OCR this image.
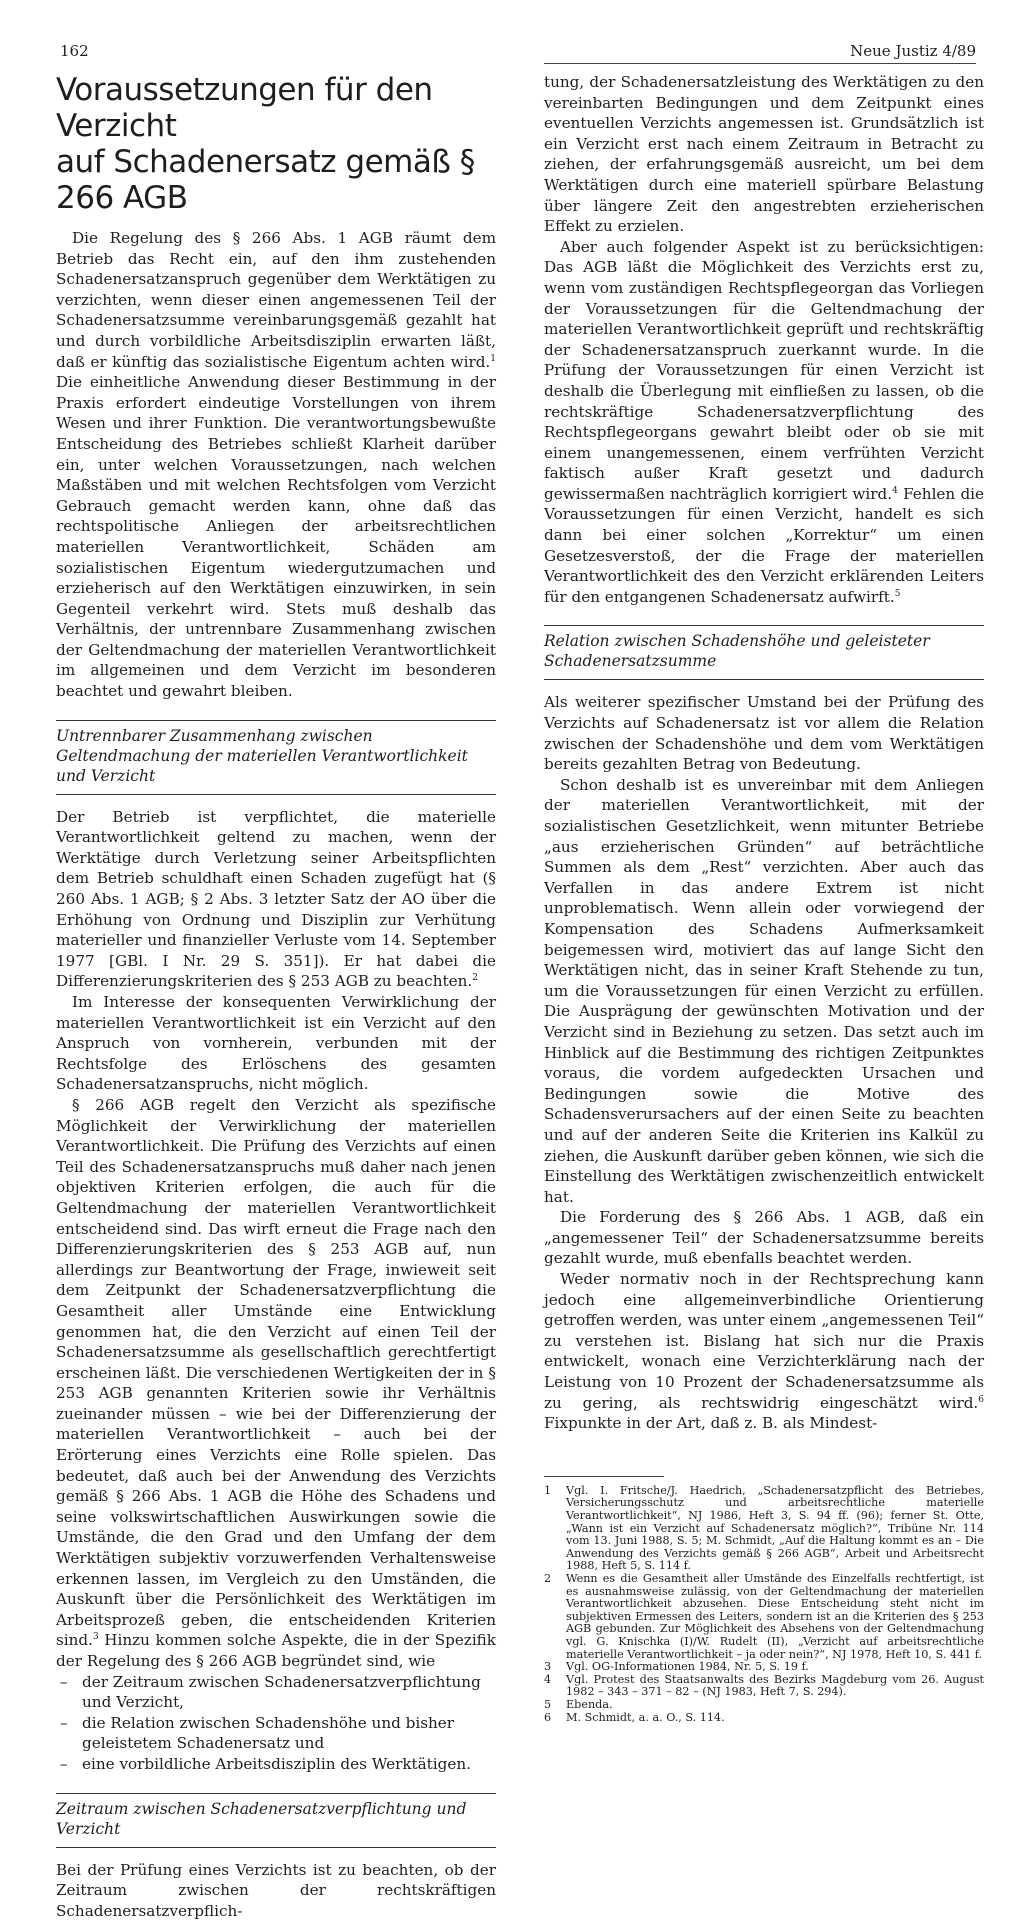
162	Neue Justiz 4/89
Voraussetzungen für den Verzicht
auf Schadenersatz gemäß § 266 AGB

Die Regelung des § 266 Abs. 1 AGB räumt dem Betrieb das Recht ein, auf den ihm zustehenden Schadenersatzanspruch gegenüber dem Werktätigen zu verzichten, wenn dieser einen angemessenen Teil der Schadenersatzsumme vereinbarungsgemäß gezahlt hat und durch vorbildliche Arbeitsdisziplin erwarten läßt, daß er künftig das sozialistische Eigentum achten wird.$^1$ Die einheitliche Anwendung dieser Bestimmung in der Praxis erfordert eindeutige Vorstellungen von ihrem Wesen und ihrer Funktion. Die verantwortungsbewußte Entscheidung des Betriebes schließt Klarheit darüber ein, unter welchen Voraussetzungen, nach welchen Maßstäben und mit welchen Rechtsfolgen vom Verzicht Gebrauch gemacht werden kann, ohne daß das rechtspolitische Anliegen der arbeitsrechtlichen materiellen Verantwortlichkeit, Schäden am sozialistischen Eigentum wiedergutzumachen und erzieherisch auf den Werktätigen einzuwirken, in sein Gegenteil verkehrt wird. Stets muß deshalb das Verhältnis, der untrennbare Zusammenhang zwischen der Geltendmachung der materiellen Verantwortlichkeit im allgemeinen und dem Verzicht im besonderen beachtet und gewahrt bleiben.

Untrennbarer Zusammenhang zwischen Geltendmachung der materiellen Verantwortlichkeit und Verzicht

Der Betrieb ist verpflichtet, die materielle Verantwortlichkeit geltend zu machen, wenn der Werktätige durch Verletzung seiner Arbeitspflichten dem Betrieb schuldhaft einen Schaden zugefügt hat (§ 260 Abs. 1 AGB; § 2 Abs. 3 letzter Satz der AO über die Erhöhung von Ordnung und Disziplin zur Verhütung materieller und finanzieller Verluste vom 14. September 1977 [GBl. I Nr. 29 S. 351]). Er hat dabei die Differenzierungskriterien des § 253 AGB zu beachten.$^2$

Im Interesse der konsequenten Verwirklichung der materiellen Verantwortlichkeit ist ein Verzicht auf den Anspruch von vornherein, verbunden mit der Rechtsfolge des Erlöschens des gesamten Schadenersatzanspruchs, nicht möglich.

§ 266 AGB regelt den Verzicht als spezifische Möglichkeit der Verwirklichung der materiellen Verantwortlichkeit. Die Prüfung des Verzichts auf einen Teil des Schadenersatzanspruchs muß daher nach jenen objektiven Kriterien erfolgen, die auch für die Geltendmachung der materiellen Verantwortlichkeit entscheidend sind. Das wirft erneut die Frage nach den Differenzierungskriterien des § 253 AGB auf, nun allerdings zur Beantwortung der Frage, inwieweit seit dem Zeitpunkt der Schadenersatzverpflichtung die Gesamtheit aller Umstände eine Entwicklung genommen hat, die den Verzicht auf einen Teil der Schadenersatzsumme als gesellschaftlich gerechtfertigt erscheinen läßt. Die verschiedenen Wertigkeiten der in § 253 AGB genannten Kriterien sowie ihr Verhältnis zueinander müssen – wie bei der Differenzierung der materiellen Verantwortlichkeit – auch bei der Erörterung eines Verzichts eine Rolle spielen. Das bedeutet, daß auch bei der Anwendung des Verzichts gemäß § 266 Abs. 1 AGB die Höhe des Schadens und seine volkswirtschaftlichen Auswirkungen sowie die Umstände, die den Grad und den Umfang der dem Werktätigen subjektiv vorzuwerfenden Verhaltensweise erkennen lassen, im Vergleich zu den Umständen, die Auskunft über die Persönlichkeit des Werktätigen im Arbeitsprozeß geben, die entscheidenden Kriterien sind.$^3$ Hinzu kommen solche Aspekte, die in der Spezifik der Regelung des § 266 AGB begründet sind, wie

– der Zeitraum zwischen Schadenersatzverpflichtung und Verzicht,
– die Relation zwischen Schadenshöhe und bisher geleistetem Schadenersatz und
– eine vorbildliche Arbeitsdisziplin des Werktätigen.
Zeitraum zwischen Schadenersatzverpflichtung und Verzicht

Bei der Prüfung eines Verzichts ist zu beachten, ob der Zeitraum zwischen der rechtskräftigen Schadenersatzverpflich-

tung, der Schadenersatzleistung des Werktätigen zu den vereinbarten Bedingungen und dem Zeitpunkt eines eventuellen Verzichts angemessen ist. Grundsätzlich ist ein Verzicht erst nach einem Zeitraum in Betracht zu ziehen, der erfahrungsgemäß ausreicht, um bei dem Werktätigen durch eine materiell spürbare Belastung über längere Zeit den angestrebten erzieherischen Effekt zu erzielen.

Aber auch folgender Aspekt ist zu berücksichtigen: Das AGB läßt die Möglichkeit des Verzichts erst zu, wenn vom zuständigen Rechtspflegeorgan das Vorliegen der Voraussetzungen für die Geltendmachung der materiellen Verantwortlichkeit geprüft und rechtskräftig der Schadenersatzanspruch zuerkannt wurde. In die Prüfung der Voraussetzungen für einen Verzicht ist deshalb die Überlegung mit einfließen zu lassen, ob die rechtskräftige Schadenersatzverpflichtung des Rechtspflegeorgans gewahrt bleibt oder ob sie mit einem unangemessenen, einem verfrühten Verzicht faktisch außer Kraft gesetzt und dadurch gewissermaßen nachträglich korrigiert wird.$^4$ Fehlen die Voraussetzungen für einen Verzicht, handelt es sich dann bei einer solchen „Korrektur“ um einen Gesetzesverstoß, der die Frage der materiellen Verantwortlichkeit des den Verzicht erklärenden Leiters für den entgangenen Schadenersatz aufwirft.$^5$

Relation zwischen Schadenshöhe und geleisteter Schadenersatzsumme

Als weiterer spezifischer Umstand bei der Prüfung des Verzichts auf Schadenersatz ist vor allem die Relation zwischen der Schadenshöhe und dem vom Werktätigen bereits gezahlten Betrag von Bedeutung.

Schon deshalb ist es unvereinbar mit dem Anliegen der materiellen Verantwortlichkeit, mit der sozialistischen Gesetzlichkeit, wenn mitunter Betriebe „aus erzieherischen Gründen“ auf beträchtliche Summen als dem „Rest“ verzichten. Aber auch das Verfallen in das andere Extrem ist nicht unproblematisch. Wenn allein oder vorwiegend der Kompensation des Schadens Aufmerksamkeit beigemessen wird, motiviert das auf lange Sicht den Werktätigen nicht, das in seiner Kraft Stehende zu tun, um die Voraussetzungen für einen Verzicht zu erfüllen. Die Ausprägung der gewünschten Motivation und der Verzicht sind in Beziehung zu setzen. Das setzt auch im Hinblick auf die Bestimmung des richtigen Zeitpunktes voraus, die vordem aufgedeckten Ursachen und Bedingungen sowie die Motive des Schadensverursachers auf der einen Seite zu beachten und auf der anderen Seite die Kriterien ins Kalkül zu ziehen, die Auskunft darüber geben können, wie sich die Einstellung des Werktätigen zwischenzeitlich entwickelt hat.

Die Forderung des § 266 Abs. 1 AGB, daß ein „angemessener Teil“ der Schadenersatzsumme bereits gezahlt wurde, muß ebenfalls beachtet werden.

Weder normativ noch in der Rechtsprechung kann jedoch eine allgemeinverbindliche Orientierung getroffen werden, was unter einem „angemessenen Teil“ zu verstehen ist. Bislang hat sich nur die Praxis entwickelt, wonach eine Verzichterklärung nach der Leistung von 10 Prozent der Schadenersatzsumme als zu gering, als rechtswidrig eingeschätzt wird.$^6$ Fixpunkte in der Art, daß z. B. als Mindest-

1	Vgl. I. Fritsche/J. Haedrich, „Schadenersatzpflicht des Betriebes, Versicherungsschutz und arbeitsrechtliche materielle Verantwortlichkeit“, NJ 1986, Heft 3, S. 94 ff. (96); ferner St. Otte, „Wann ist ein Verzicht auf Schadenersatz möglich?“, Tribüne Nr. 114 vom 13. Juni 1988, S. 5; M. Schmidt, „Auf die Haltung kommt es an – Die Anwendung des Verzichts gemäß § 266 AGB“, Arbeit und Arbeitsrecht 1988, Heft 5, S. 114 f.
2	Wenn es die Gesamtheit aller Umstände des Einzelfalls rechtfertigt, ist es ausnahmsweise zulässig, von der Geltendmachung der materiellen Verantwortlichkeit abzusehen. Diese Entscheidung steht nicht im subjektiven Ermessen des Leiters, sondern ist an die Kriterien des § 253 AGB gebunden. Zur Möglichkeit des Absehens von der Geltendmachung vgl. G. Knischka (I)/W. Rudelt (II), „Verzicht auf arbeitsrechtliche materielle Verantwortlichkeit – ja oder nein?“, NJ 1978, Heft 10, S. 441 f.
3	Vgl. OG-Informationen 1984, Nr. 5, S. 19 f.
4	Vgl. Protest des Staatsanwalts des Bezirks Magdeburg vom 26. August 1982 – 343 – 371 – 82 – (NJ 1983, Heft 7, S. 294).
5	Ebenda.
6	M. Schmidt, a. a. O., S. 114.
